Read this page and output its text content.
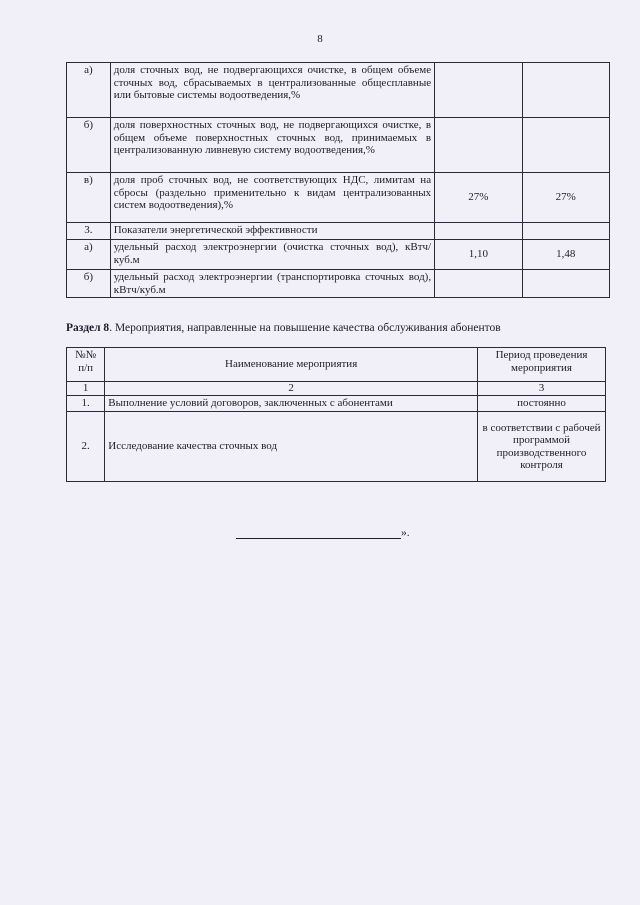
8
а)	доля сточных вод, не подвергающихся очистке, в общем объеме сточных вод, сбрасываемых в централизованные общесплавные или бытовые системы водоотведения,%		
б)	доля поверхностных сточных вод, не подвергающихся очистке, в общем объеме поверхностных сточных вод, принимаемых в централизованную ливневую систему водоотведения,%		
в)	доля проб сточных вод, не соответствующих НДС, лимитам на сбросы (раздельно применительно к видам централизованных систем водоотведения),%	27%	27%
3.	Показатели энергетической эффективности		
а)	удельный расход электроэнергии (очистка сточных вод), кВтч/куб.м	1,10	1,48
б)	удельный расход электроэнергии (транспортировка сточных вод), кВтч/куб.м		
Раздел 8. Мероприятия, направленные на повышение качества обслуживания абонентов
№№ п/п	Наименование мероприятия	Период проведения мероприятия
1	2	3
1.	Выполнение условий договоров, заключенных с абонентами	постоянно
2.	Исследование качества сточных вод	в соответствии с рабочей программой производственного контроля
».
